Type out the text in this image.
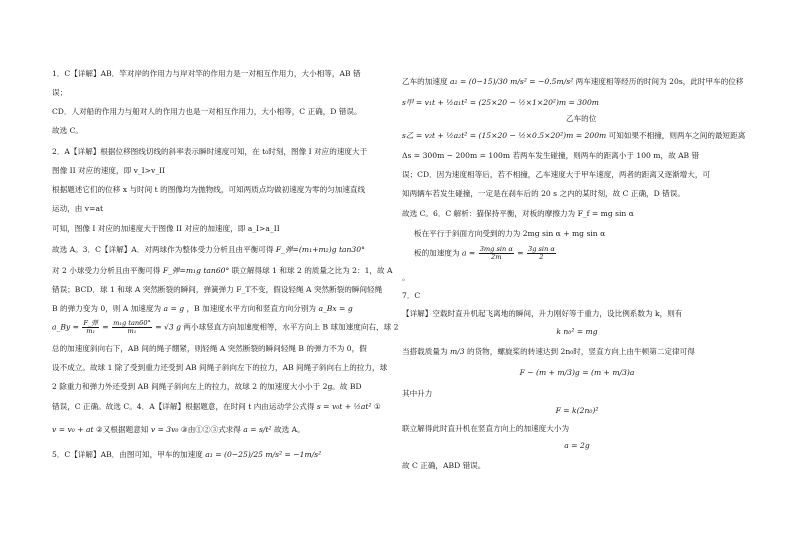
1．C【详解】AB．竿对岸的作用力与岸对竿的作用力是一对相互作用力，大小相等，AB 错
误；
CD．人对船的作用力与船对人的作用力也是一对相互作用力，大小相等，C 正确，D 错误。
故选 C。
2．A【详解】根据位移图线切线的斜率表示瞬时速度可知，在 t₀时刻，图像 I 对应的速度大于
图像 II 对应的速度，即 v_I>v_II
根据题述它们的位移 x 与时间 t 的图像均为抛物线，可知两质点均做初速度为零的匀加速直线
运动，由 v=at
可知，图像 I 对应的加速度大于图像 II 对应的加速度，即 a_I>a_II
故选 A。3．C【详解】A．对两球作为整体受力分析且由平衡可得 F_弹=(m₁+m₂)g tan30°
对 2 小球受力分析且由平衡可得 F_弹=m₁g tan60° 联立解得球 1 和球 2 的质量之比为 2：1，故 A
错误；BCD．球 1 和球 A 突然断裂的瞬间，弹簧弹力 F_T不变，假设轻绳 A 突然断裂的瞬间轻绳
B 的弹力变为 0，则 A 加速度为 a = g ，B 加速度水平方向和竖直方向分别为 a_Bx = g
a_By = $\frac{\text{F\_弹}}{\text{m₁}} = \frac{\text{m₁g tan60°}}{\text{m₁}} = √3$ g 两小球竖直方向加速度相等，水平方向上 B 球加速度向右，球 2
总的加速度斜向右下，AB 间的绳子绷紧，则轻绳 A 突然断裂的瞬间轻绳 B 的弹力不为 0，假
设不成立。故球 1 除了受到重力还受到 AB 间绳子斜向左下的拉力，AB 间绳子斜向右上的拉力，球
2 除重力和弹力外还受到 AB 间绳子斜向左上的拉力，故球 2 的加速度大小小于 2g。故 BD
错误，C 正确。故选 C。4．A【详解】根据题意，在时间 t 内由运动学公式得 s = v₀t + ½at² ①
v = v₀ + at ②又根据题意知 v = 3v₀ ③由①②③式求得 a = s/t² 故选 A。
5．C【详解】AB．由图可知，甲车的加速度 a₁ = (0−25)/25 m/s² = −1m/s²
乙车的加速度 a₂ = (0−15)/30 m/s² = −0.5m/s² 两车速度相等经历的时间为 20s，此时甲车的位移
s甲 = v₁t + ½a₁t² = (25×20 − ½×1×20²)m = 300m
乙车的位
s乙 = v₂t + ½a₂t² = (15×20 − ½×0.5×20²)m = 200m 可知如果不相撞，则两车之间的最短距离
Δs = 300m − 200m = 100m 若两车发生碰撞，则两车的距离小于 100 m，故 AB 错
误；CD．因为速度相等后，若不相撞，乙车速度大于甲车速度，两者的距离又逐渐增大，可
知两辆车若发生碰撞，一定是在刹车后的 20 s 之内的某时刻，故 C 正确，D 错误。
故选 C。6．C 解析：猫保持平衡，对板的摩擦力为 F_f = mg sin α
板在平行于斜面方向受到的力为 2mg sin α + mg sin α
板的加速度为 $a = \frac{\text{3mg sin α}}{2m} = \frac{\text{3g sin α}}{2}$
。
7．C
【详解】空载时直升机起飞离地的瞬间，升力刚好等于重力，设比例系数为 k，则有
k n₀² = mg
当搭载质量为 m/3 的货物，螺旋桨的转速达到 2n₀时，竖直方向上由牛顿第二定律可得
F − (m + m/3)g = (m + m/3)a
其中升力
F = k(2n₀)²
联立解得此时直升机在竖直方向上的加速度大小为
a = 2g
故 C 正确，ABD 错误。
